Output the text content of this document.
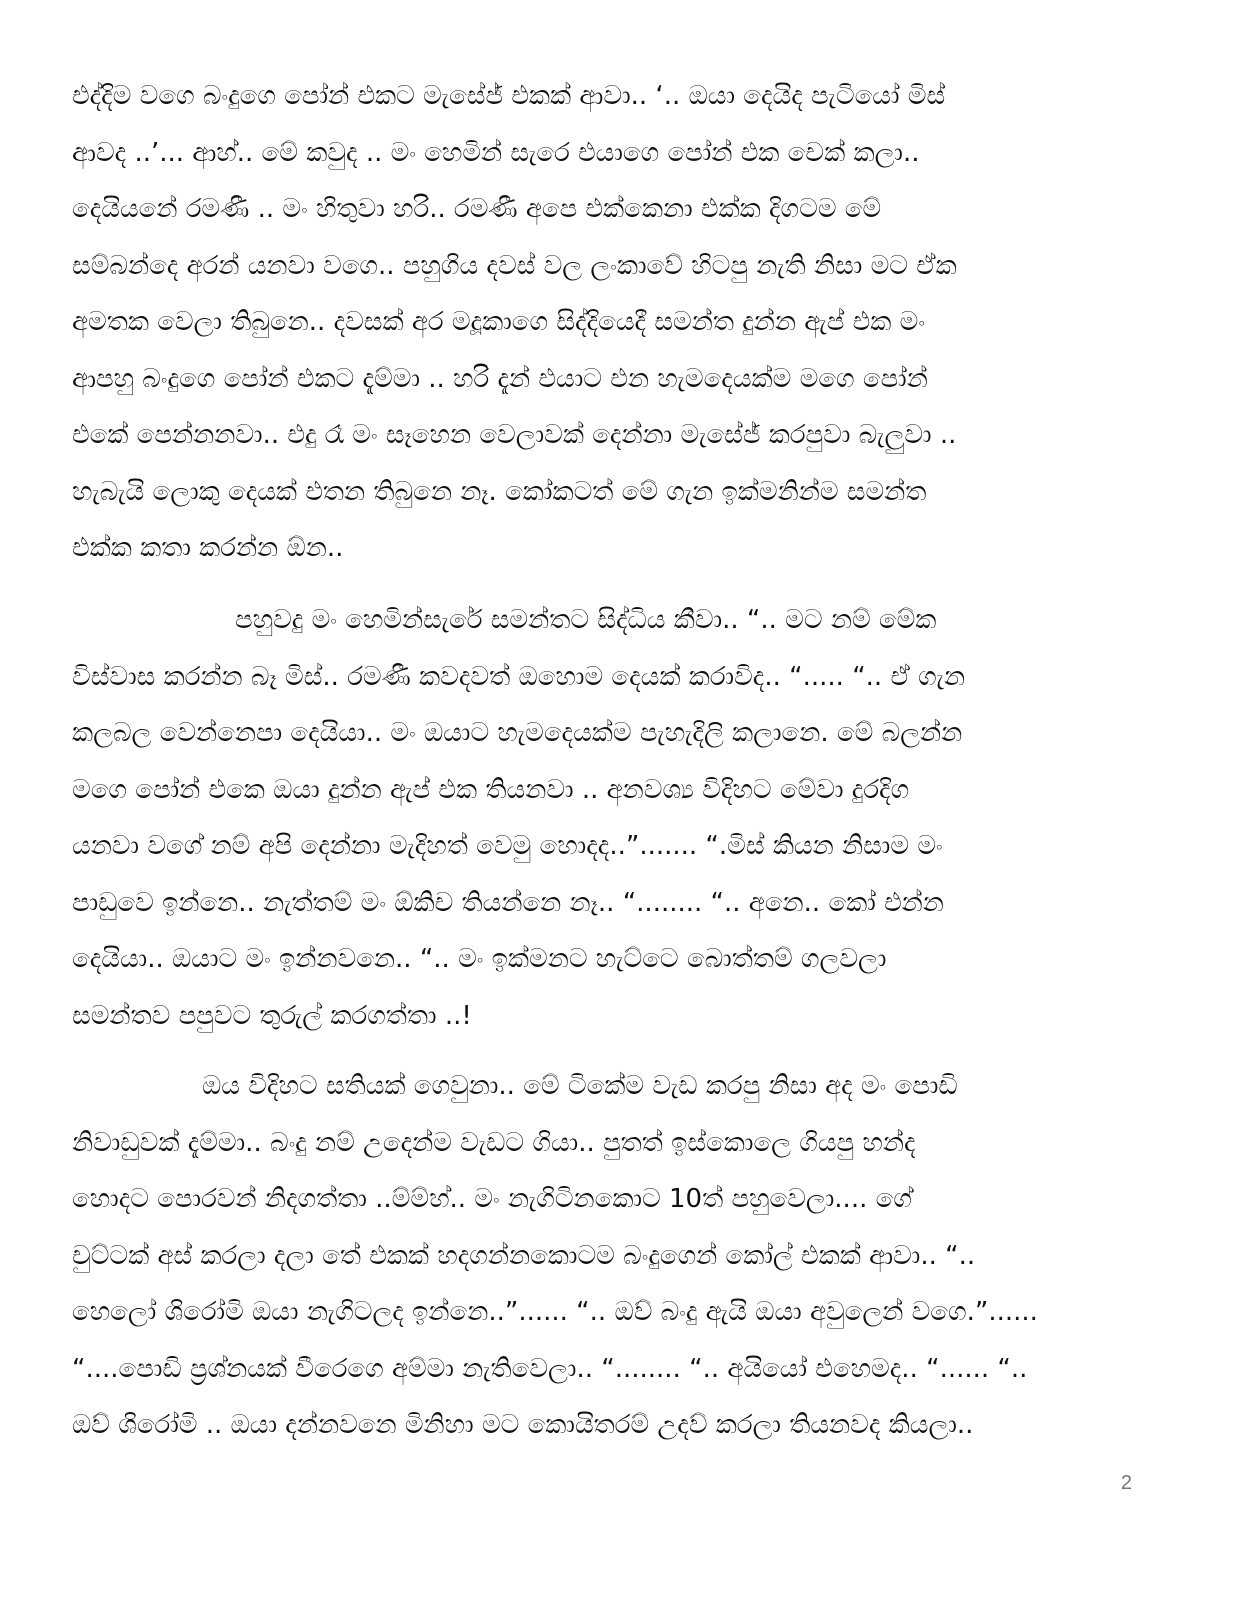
එද්දිම වගෙ බංදුගෙ පෝන් එකට මැසේජ් එකක් ආවා.. ‘.. ඔයා දෙයිද පැටියෝ මිස්
ආවද ..’... ආහ්.. මේ කවුද .. මං හෙමින් සැරෙ එයාගෙ පෝන් එක චෙක් කලා..
දෙයියනේ රමණී .. මං හිතුවා හරි.. රමණී අපෙ එක්කෙනා එක්ක දිගටම මේ
සම්බන්දෙ අරන් යනවා වගෙ.. පහුගිය දවස් වල ලංකාවේ හිටපු නැති නිසා මට ඒක
අමතක වෙලා තිබුනෙ.. දවසක් අර මදූකාගෙ සිද්දියෙදී සමන්ත දුන්න ඇප් එක මං
ආපහු බංදුගෙ පෝන් එකට දැම්මා .. හරි දැන් එයාට එන හැමදෙයක්ම මගෙ පෝන්
එකේ පෙන්නනවා.. එදු රෑ මං සෑහෙන වෙලාවක් දෙන්නා මැසේජ් කරපුවා බැලුවා ..
හැබැයි ලොකු දෙයක් එතන තිබුනෙ නෑ. කෝකටත් මේ ගැන ඉක්මනින්ම සමන්ත
එක්ක කතා කරන්න ඕන..
පහුවදු මං හෙමින්සැරේ සමන්තට සිද්ධිය කීවා.. “.. මට නම් මේක
විස්වාස කරන්න බෑ මිස්.. රමණී කවදවත් ඔහොම දෙයක් කරාවිද.. “..... “.. ඒ ගැන
කලබල වෙන්නෙපා දෙයියා.. මං ඔයාට හැමදෙයක්ම පැහැදිලි කලානෙ. මේ බලන්න
මගෙ පෝන් එකෙ ඔයා දුන්න ඇප් එක තියනවා .. අනවශ්‍ය විදිහට මේවා දුරදිග
යනවා වගේ නම් අපි දෙන්නා මැදිහත් වෙමු හොදද..”....... “.මිස් කියන නිසාම මං
පාඩුවෙ ඉන්නෙ.. නැත්තම් මං ඕකිච තියන්නෙ නෑ.. “........ “.. අනෙ.. කෝ එන්න
දෙයියා.. ඔයාට මං ඉන්නවනෙ.. “.. මං ඉක්මනට හැට්ටෙ බොත්තම් ගලවලා
සමන්තව පපුවට තුරුල් කරගත්තා ..!
ඔය විදිහට සතියක් ගෙවුනා.. මේ ටිකේම වැඩ කරපු නිසා අද මං පොඩි
නිවාඩුවක් දැම්මා.. බංදු නම් උදෙන්ම වැඩට ගියා.. පුතත් ඉස්කොලෙ ගියපු හන්ද
හොදට පොරවන් නිදගත්තා ..ම්ම්හ්.. මං නැගිටිනකොට 10ත් පහුවෙලා.... ගේ
චුට්ටක් අස් කරලා දලා තේ එකක් හදගන්නකොටම බංදුගෙන් කෝල් එකක් ආවා.. “..
හෙලෝ ශිරෝමි ඔයා නැගිටලද ඉන්නෙ..”...... “.. ඔව් බංදු ඇයි ඔයා අවුලෙන් වගෙ.”......
“....පොඩි ප්‍රශ්නයක් වීරෙගෙ අම්මා නැතිවෙලා.. “........ “.. අයියෝ එහෙමද.. “...... “..
ඔව් ශිරෝමි .. ඔයා දන්නවනෙ මිනිහා මට කොයිතරම් උදව් කරලා තියනවද කියලා..
2
